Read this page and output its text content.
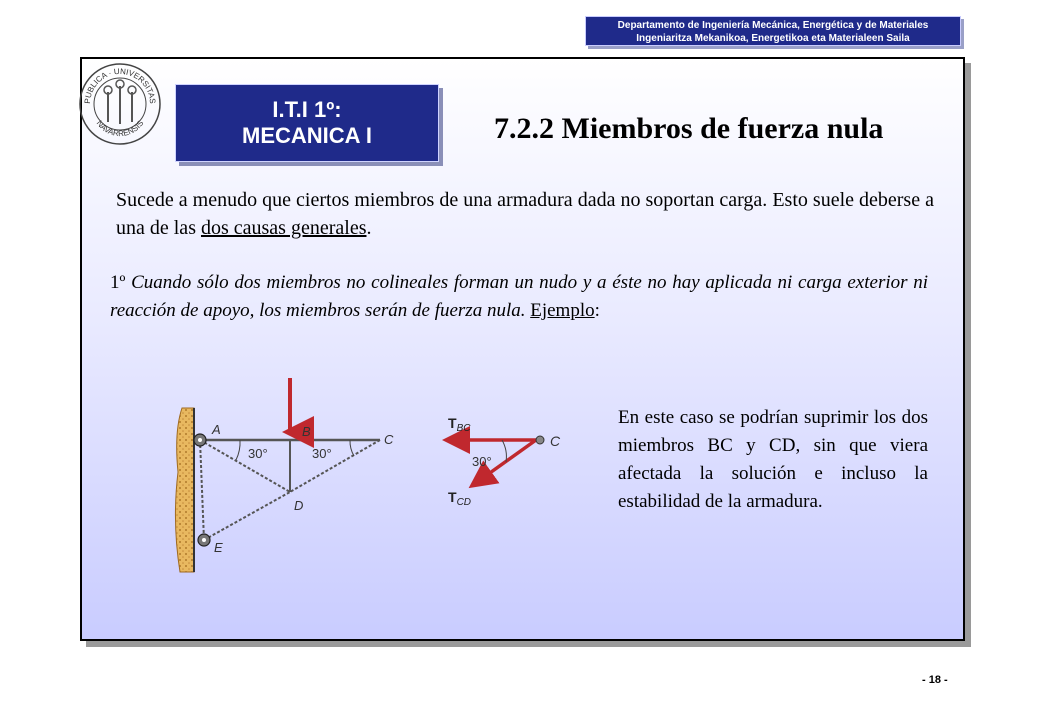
Departamento de Ingeniería Mecánica, Energética y de Materiales
Ingeniaritza Mekanikoa, Energetikoa eta Materialeen Saila
PUBLICA · UNIVERSITAS
NAVARRENSIS
I.T.I 1º:
MECANICA I	7.2.2 Miembros de fuerza nula
Sucede a menudo que ciertos miembros de una armadura dada no soportan carga. Esto suele deberse a una de las dos causas generales.
1º Cuando sólo dos miembros no colineales forman un nudo y a éste no hay aplicada ni carga exterior ni reacción de apoyo, los miembros serán de fuerza nula. Ejemplo:
A	B
C
D
E
30°	30°
$T_{BC}$
C
30°
$T_{CD}$
En este caso se podrían suprimir los dos miembros BC y CD, sin que viera afectada la solución e incluso la estabilidad de la armadura.
- 18 -
